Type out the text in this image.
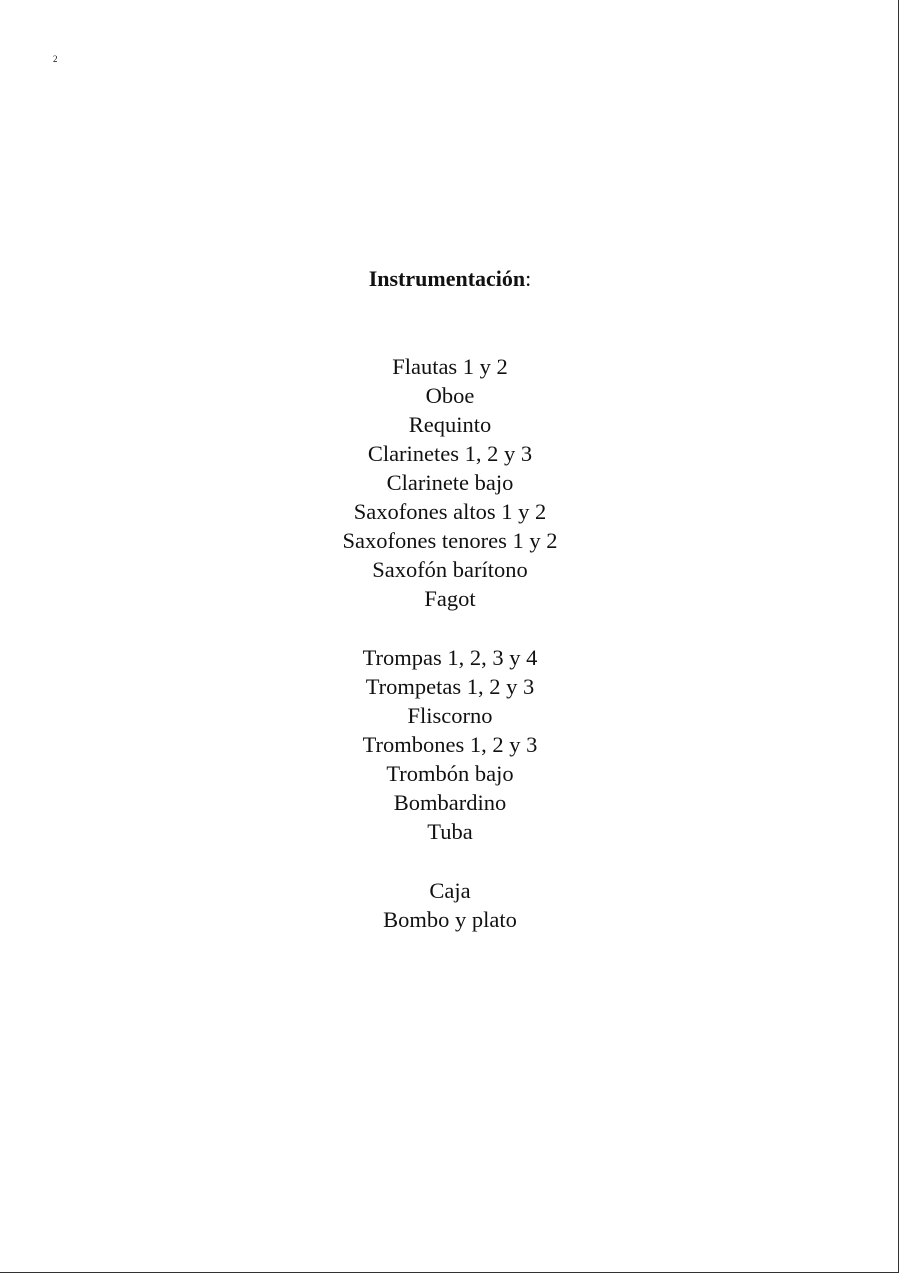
2
Instrumentación:
Flautas 1 y 2
Oboe
Requinto
Clarinetes 1, 2 y 3
Clarinete bajo
Saxofones altos 1 y 2
Saxofones tenores 1 y 2
Saxofón barítono
Fagot
Trompas 1, 2, 3 y 4
Trompetas 1, 2 y 3
Fliscorno
Trombones 1, 2 y 3
Trombón bajo
Bombardino
Tuba
Caja
Bombo y plato
